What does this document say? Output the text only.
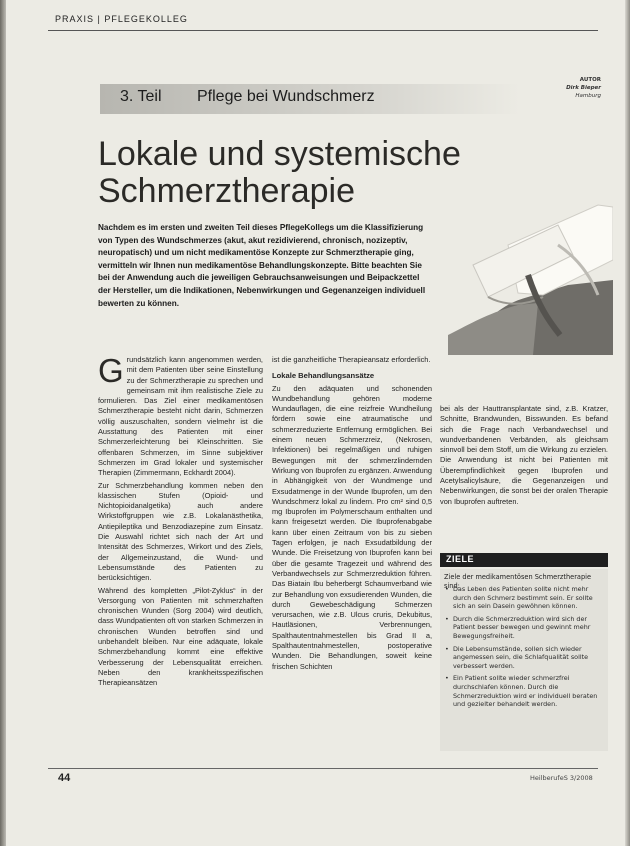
PRAXIS | PFLEGEKOLLEG
3. Teil Pflege bei Wundschmerz
AUTOR
Dirk Bieper
Hamburg
Lokale und systemische
Schmerztherapie
Nachdem es im ersten und zweiten Teil dieses PflegeKollegs um die Klassifizierung von Typen des Wundschmerzes (akut, akut rezidivierend, chronisch, nozizeptiv, neuropatisch) und um nicht medikamentöse Konzepte zur Schmerztherapie ging, vermitteln wir Ihnen nun medikamentöse Behandlungskonzepte. Bitte beachten Sie bei der Anwendung auch die jeweiligen Gebrauchsanweisungen und Beipackzettel der Hersteller, um die Indikationen, Nebenwirkungen und Gegenanzeigen individuell bewerten zu können.

Grundsätzlich kann angenommen werden, mit dem Patienten über seine Einstellung zu der Schmerztherapie zu sprechen und gemeinsam mit ihm realistische Ziele zu formulieren. Das Ziel einer medikamentösen Schmerztherapie besteht nicht darin, Schmerzen völlig auszuschalten, sondern vielmehr ist die Ausstattung des Patienten mit einer Schmerzerleichterung bei Kleinschritten. Sie offenbaren Schmerzen, im Sinne subjektiver Schmerzen im Grad lokaler und systemischer Therapien (Zimmermann, Eckhardt 2004).

Zur Schmerzbehandlung kommen neben den klassischen Stufen (Opioid- und Nichtopioidanalgetika) auch andere Wirkstoffgruppen wie z.B. Lokalanästhetika, Antiepileptika und Benzodiazepine zum Einsatz. Die Auswahl richtet sich nach der Art und Intensität des Schmerzes, Wirkort und des Ziels, der Allgemeinzustand, die Wund- und Lebensumstände des Patienten zu berücksichtigen.

Während des kompletten „Pilot-Zyklus“ in der Versorgung von Patienten mit schmerzhaften chronischen Wunden (Sorg 2004) wird deutlich, dass Wundpatienten oft von starken Schmerzen in chronischen Wunden betroffen sind und unbehandelt bleiben. Nur eine adäquate, lokale Schmerzbehandlung kommt eine effektive Verbesserung der Lebensqualität erreichen. Neben den krankheitsspezifischen Therapieansätzen

ist die ganzheitliche Therapieansatz erforderlich.

Lokale Behandlungsansätze

Zu den adäquaten und schonenden Wundbehandlung gehören moderne Wundauflagen, die eine reizfreie Wundheilung fördern sowie eine atraumatische und schmerzreduzierte Entfernung ermöglichen. Bei einem neuen Schmerzreiz, (Nekrosen, Infektionen) bei regelmäßigen und ruhigen Bewegungen mit der schmerzlindernden Wirkung von Ibuprofen zu ergänzen. Anwendung in Abhängigkeit von der Wundmenge und Exsudatmenge in der Wunde Ibuprofen, um den Wundschmerz lokal zu lindern. Pro cm² sind 0,5 mg Ibuprofen im Polymerschaum enthalten und kann freigesetzt werden. Die Ibuprofenabgabe kann über einen Zeitraum von bis zu sieben Tagen erfolgen, je nach Exsudatbildung der Wunde. Die Freisetzung von Ibuprofen kann bei über die gesamte Tragezeit und während des Verbandwechsels zur Schmerzreduktion führen. Das Biatain Ibu beherbergt Schaumverband wie zur Behandlung von exsudierenden Wunden, die durch Gewebeschädigung Schmerzen verursachen, wie z.B. Ulcus cruris, Dekubitus, Hautläsionen, Verbrennungen, Spalthautentnahmestellen bis Grad II a, Spalthautentnahmestellen, postoperative Wunden. Die Behandlungen, soweit keine frischen Schichten

bei als der Hauttransplantate sind, z.B. Kratzer, Schnitte, Brandwunden, Bisswunden. Es befand sich die Frage nach Verbandwechsel und wundverbandenen Verbänden, als gleichsam sinnvoll bei dem Stoff, um die Wirkung zu erzielen. Die Anwendung ist nicht bei Patienten mit Überempfindlichkeit gegen Ibuprofen und Acetylsalicylsäure, die Gegenanzeigen und Nebenwirkungen, die sonst bei der oralen Therapie von Ibuprofen auftreten.

ZIELE
Ziele der medikamentösen Schmerztherapie sind:
• Das Leben des Patienten sollte nicht mehr durch den Schmerz bestimmt sein. Er sollte sich an sein Dasein gewöhnen können.
• Durch die Schmerzreduktion wird sich der Patient besser bewegen und gewinnt mehr Bewegungsfreiheit.
• Die Lebensumstände, sollen sich wieder angemessen sein, die Schlafqualität sollte verbessert werden.
• Ein Patient sollte wieder schmerzfrei durchschlafen können. Durch die Schmerzreduktion wird er individuell beraten und gezielter behandelt werden.
44	HeilberufeS 3/2008
